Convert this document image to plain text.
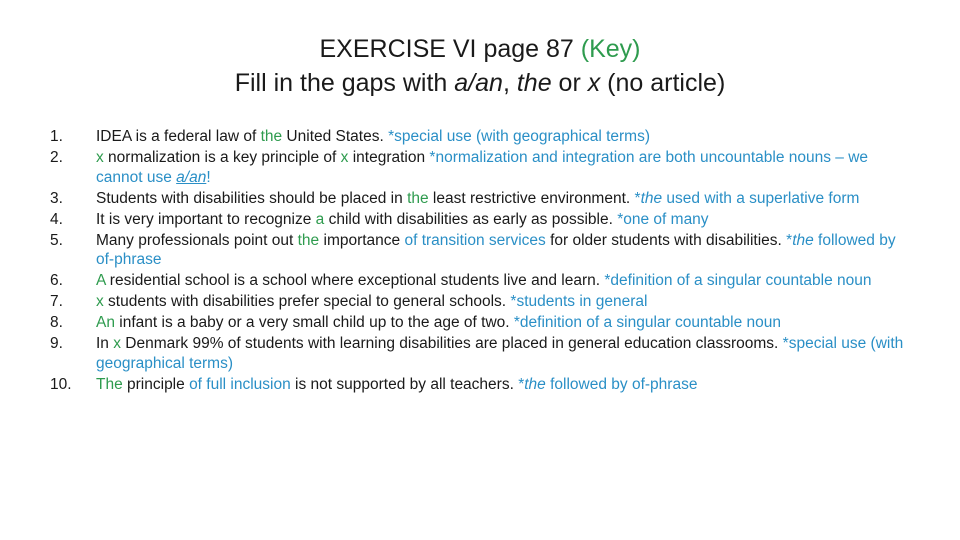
EXERCISE VI page 87 (Key)
Fill in the gaps with a/an, the or x (no article)
1.	IDEA is a federal law of the United States. *special use (with geographical terms)
2.	x normalization is a key principle of x integration *normalization and integration are both uncountable nouns – we cannot use a/an!
3.	Students with disabilities should be placed in the least restrictive environment. *the used with a superlative form
4.	It is very important to recognize a child with disabilities as early as possible. *one of many
5.	Many professionals point out the importance of transition services for older students with disabilities. *the followed by of-phrase
6.	A residential school is a school where exceptional students live and learn. *definition of a singular countable noun
7.	x students with disabilities prefer special to general schools. *students in general
8.	An infant is a baby or a very small child up to the age of two. *definition of a singular countable noun
9.	In x Denmark 99% of students with learning disabilities are placed in general education classrooms. *special use (with geographical terms)
10.	The principle of full inclusion is not supported by all teachers. *the followed by of-phrase
